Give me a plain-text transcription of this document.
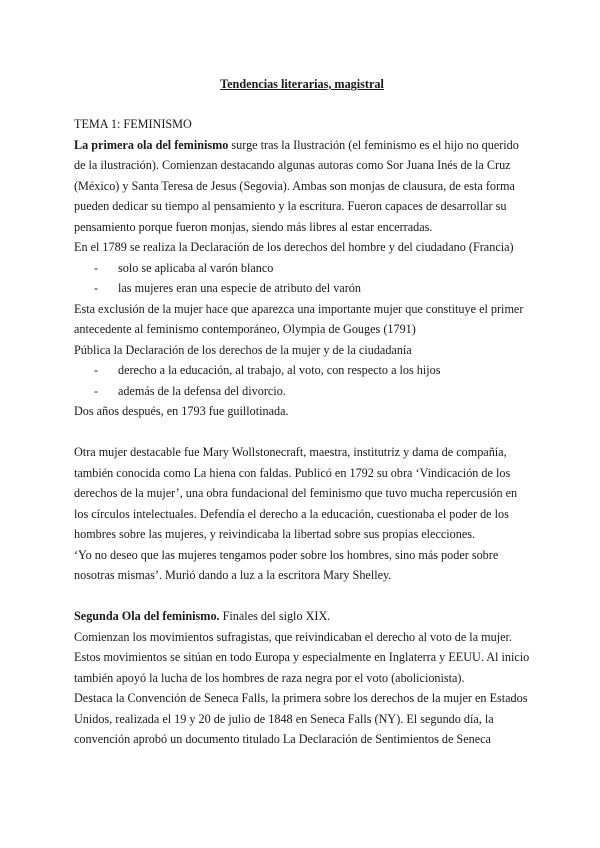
Tendencias literarias, magistral
TEMA 1: FEMINISMO

La primera ola del feminismo surge tras la Ilustración (el feminismo es el hijo no querido de la ilustración). Comienzan destacando algunas autoras como Sor Juana Inés de la Cruz (México) y Santa Teresa de Jesus (Segovia). Ambas son monjas de clausura, de esta forma pueden dedicar su tiempo al pensamiento y la escritura. Fueron capaces de desarrollar su pensamiento porque fueron monjas, siendo más libres al estar encerradas.

En el 1789 se realiza la Declaración de los derechos del hombre y del ciudadano (Francia)

- solo se aplicaba al varón blanco
- las mujeres eran una especie de atributo del varón

Esta exclusión de la mujer hace que aparezca una importante mujer que constituye el primer antecedente al feminismo contemporáneo, Olympia de Gouges (1791)

Pública la Declaración de los derechos de la mujer y de la ciudadanía

- derecho a la educación, al trabajo, al voto, con respecto a los hijos
- además de la defensa del divorcio.

Dos años después, en 1793 fue guillotinada.

Otra mujer destacable fue Mary Wollstonecraft, maestra, institutriz y dama de compañía, también conocida como La hiena con faldas. Publicó en 1792 su obra ‘Vindicación de los derechos de la mujer’, una obra fundacional del feminismo que tuvo mucha repercusión en los círculos intelectuales. Defendía el derecho a la educación, cuestionaba el poder de los hombres sobre las mujeres, y reivindicaba la libertad sobre sus propias elecciones.

‘Yo no deseo que las mujeres tengamos poder sobre los hombres, sino más poder sobre nosotras mismas’. Murió dando a luz a la escritora Mary Shelley.

Segunda Ola del feminismo. Finales del siglo XIX.

Comienzan los movimientos sufragistas, que reivindicaban el derecho al voto de la mujer. Estos movimientos se sitúan en todo Europa y especialmente en Inglaterra y EEUU. Al inicio también apoyó la lucha de los hombres de raza negra por el voto (abolicionista).

Destaca la Convención de Seneca Falls, la primera sobre los derechos de la mujer en Estados Unidos, realizada el 19 y 20 de julio de 1848 en Seneca Falls (NY). El segundo día, la convención aprobó un documento titulado La Declaración de Sentimientos de Seneca
